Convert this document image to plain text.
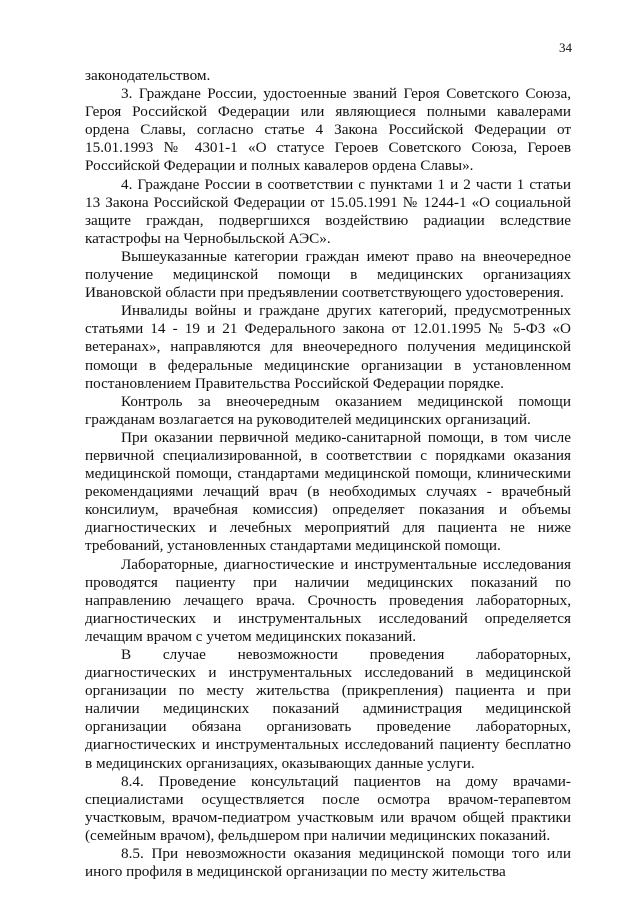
34

законодательством.

3. Граждане России, удостоенные званий Героя Советского Союза, Героя Российской Федерации или являющиеся полными кавалерами ордена Славы, согласно статье 4 Закона Российской Федерации от 15.01.1993 № 4301-1 «О статусе Героев Советского Союза, Героев Российской Федерации и полных кавалеров ордена Славы».

4. Граждане России в соответствии с пунктами 1 и 2 части 1 статьи 13 Закона Российской Федерации от 15.05.1991 № 1244-1 «О социальной защите граждан, подвергшихся воздействию радиации вследствие катастрофы на Чернобыльской АЭС».

Вышеуказанные категории граждан имеют право на внеочередное получение медицинской помощи в медицинских организациях Ивановской области при предъявлении соответствующего удостоверения.

Инвалиды войны и граждане других категорий, предусмотренных статьями 14 - 19 и 21 Федерального закона от 12.01.1995 № 5-ФЗ «О ветеранах», направляются для внеочередного получения медицинской помощи в федеральные медицинские организации в установленном постановлением Правительства Российской Федерации порядке.

Контроль за внеочередным оказанием медицинской помощи гражданам возлагается на руководителей медицинских организаций.

При оказании первичной медико-санитарной помощи, в том числе первичной специализированной, в соответствии с порядками оказания медицинской помощи, стандартами медицинской помощи, клиническими рекомендациями лечащий врач (в необходимых случаях - врачебный консилиум, врачебная комиссия) определяет показания и объемы диагностических и лечебных мероприятий для пациента не ниже требований, установленных стандартами медицинской помощи.

Лабораторные, диагностические и инструментальные исследования проводятся пациенту при наличии медицинских показаний по направлению лечащего врача. Срочность проведения лабораторных, диагностических и инструментальных исследований определяется лечащим врачом с учетом медицинских показаний.

В случае невозможности проведения лабораторных, диагностических и инструментальных исследований в медицинской организации по месту жительства (прикрепления) пациента и при наличии медицинских показаний администрация медицинской организации обязана организовать проведение лабораторных, диагностических и инструментальных исследований пациенту бесплатно в медицинских организациях, оказывающих данные услуги.

8.4. Проведение консультаций пациентов на дому врачами-специалистами осуществляется после осмотра врачом-терапевтом участковым, врачом-педиатром участковым или врачом общей практики (семейным врачом), фельдшером при наличии медицинских показаний.

8.5. При невозможности оказания медицинской помощи того или иного профиля в медицинской организации по месту жительства
